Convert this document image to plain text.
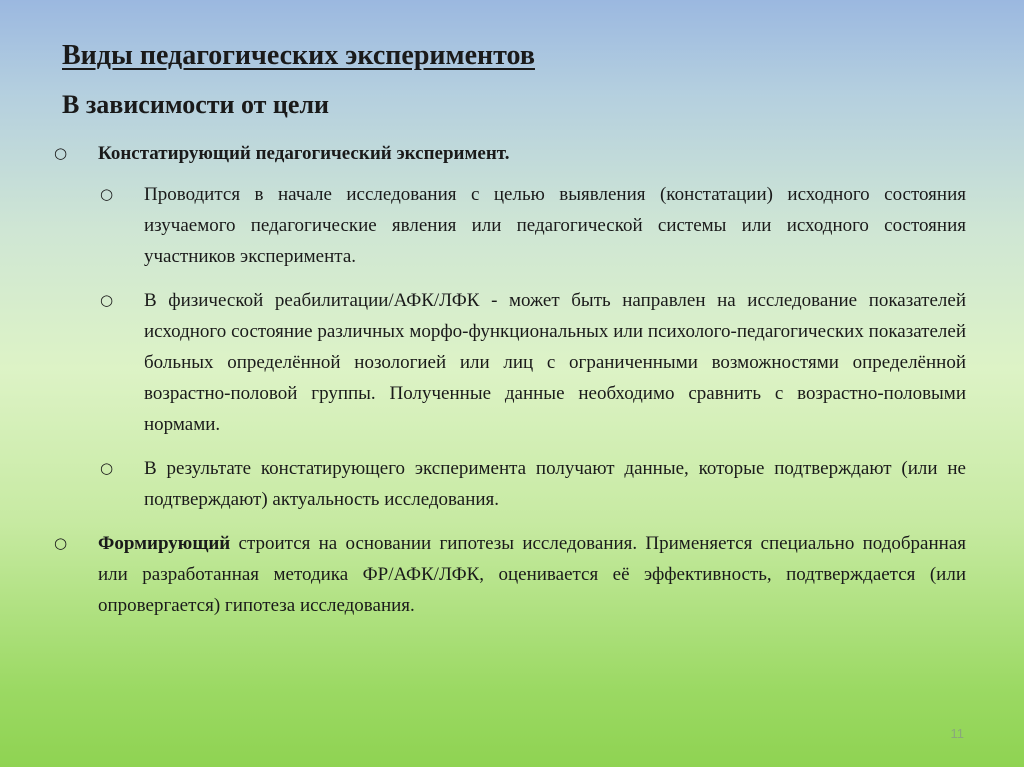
Виды педагогических экспериментов
В зависимости от цели
○ Констатирующий педагогический эксперимент.
○ Проводится в начале исследования с целью выявления (констатации) исходного состояния изучаемого педагогические явления или педагогической системы или исходного состояния участников эксперимента.
○ В физической реабилитации/АФК/ЛФК - может быть направлен на исследование показателей исходного состояние различных морфо-функциональных или психолого-педагогических показателей больных определённой нозологией или лиц с ограниченными возможностями определённой возрастно-половой группы. Полученные данные необходимо сравнить с возрастно-половыми нормами.
○ В результате констатирующего эксперимента получают данные, которые подтверждают (или не подтверждают) актуальность исследования.
○ Формирующий строится на основании гипотезы исследования. Применяется специально подобранная или разработанная методика ФР/АФК/ЛФК, оценивается её эффективность, подтверждается (или опровергается) гипотеза исследования.
11
